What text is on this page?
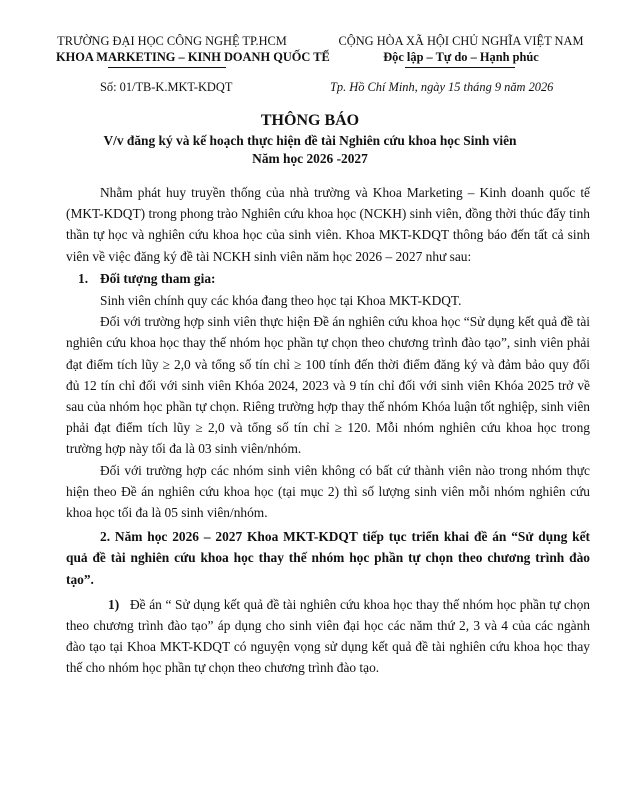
TRƯỜNG ĐẠI HỌC CÔNG NGHỆ TP.HCM
KHOA MARKETING – KINH DOANH QUỐC TẾ
CỘNG HÒA XÃ HỘI CHỦ NGHĨA VIỆT NAM
Độc lập – Tự do – Hạnh phúc
Số: 01/TB-K.MKT-KDQT	Tp. Hồ Chí Minh, ngày 15 tháng 9 năm 2026
THÔNG BÁO
V/v đăng ký và kế hoạch thực hiện đề tài Nghiên cứu khoa học Sinh viên
Năm học 2026 -2027

Nhằm phát huy truyền thống của nhà trường và Khoa Marketing – Kinh doanh quốc tế (MKT-KDQT) trong phong trào Nghiên cứu khoa học (NCKH) sinh viên, đồng thời thúc đẩy tinh thần tự học và nghiên cứu khoa học của sinh viên. Khoa MKT-KDQT thông báo đến tất cả sinh viên về việc đăng ký đề tài NCKH sinh viên năm học 2026 – 2027 như sau:

1. Đối tượng tham gia:

Sinh viên chính quy các khóa đang theo học tại Khoa MKT-KDQT.

Đối với trường hợp sinh viên thực hiện Đề án nghiên cứu khoa học “Sử dụng kết quả đề tài nghiên cứu khoa học thay thế nhóm học phần tự chọn theo chương trình đào tạo”, sinh viên phải đạt điểm tích lũy ≥ 2,0 và tổng số tín chỉ ≥ 100 tính đến thời điểm đăng ký và đảm bảo quy đổi đủ 12 tín chỉ đối với sinh viên Khóa 2024, 2023 và 9 tín chỉ đối với sinh viên Khóa 2025 trở về sau của nhóm học phần tự chọn. Riêng trường hợp thay thế nhóm Khóa luận tốt nghiệp, sinh viên phải đạt điểm tích lũy ≥ 2,0 và tổng số tín chỉ ≥ 120. Mỗi nhóm nghiên cứu khoa học trong trường hợp này tối đa là 03 sinh viên/nhóm.

Đối với trường hợp các nhóm sinh viên không có bất cứ thành viên nào trong nhóm thực hiện theo Đề án nghiên cứu khoa học (tại mục 2) thì số lượng sinh viên mỗi nhóm nghiên cứu khoa học tối đa là 05 sinh viên/nhóm.

2. Năm học 2026 – 2027 Khoa MKT-KDQT tiếp tục triển khai đề án “Sử dụng kết quả đề tài nghiên cứu khoa học thay thế nhóm học phần tự chọn theo chương trình đào tạo”.

1) Đề án “ Sử dụng kết quả đề tài nghiên cứu khoa học thay thế nhóm học phần tự chọn theo chương trình đào tạo” áp dụng cho sinh viên đại học các năm thứ 2, 3 và 4 của các ngành đào tạo tại Khoa MKT-KDQT có nguyện vọng sử dụng kết quả đề tài nghiên cứu khoa học thay thế cho nhóm học phần tự chọn theo chương trình đào tạo.
